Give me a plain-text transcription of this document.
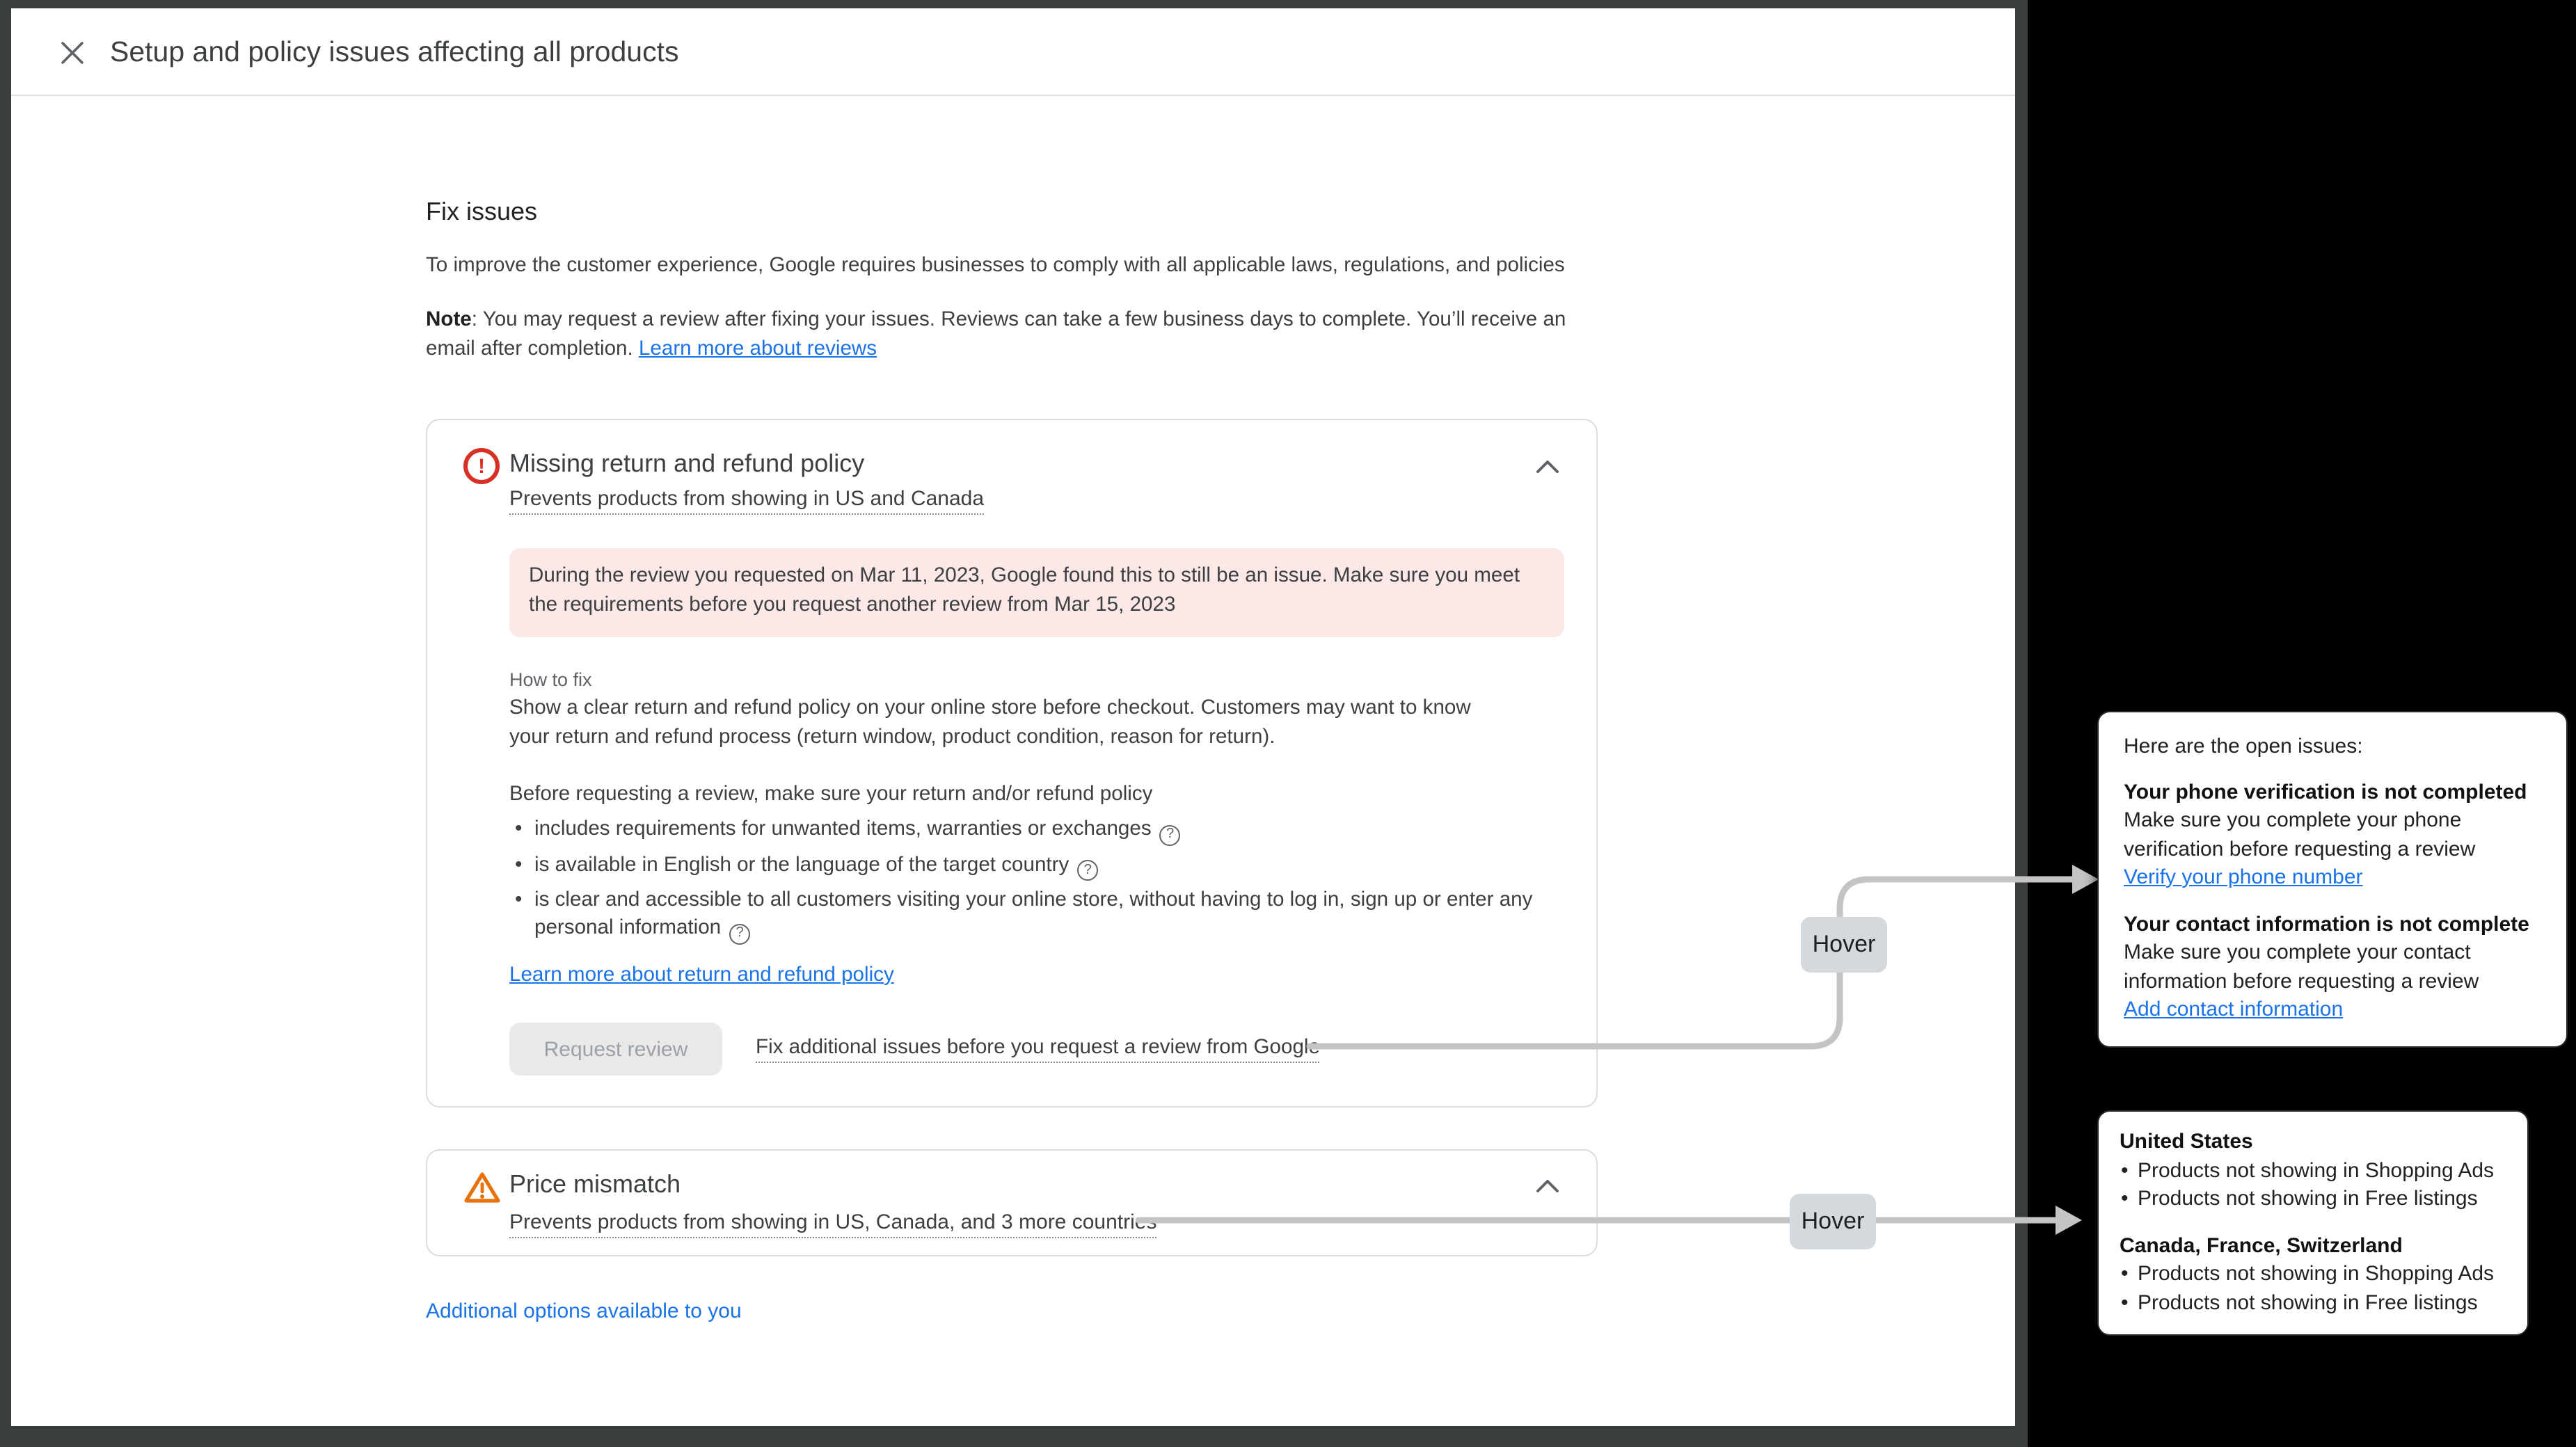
Setup and policy issues affecting all products
Fix issues

To improve the customer experience, Google requires businesses to comply with all applicable laws, regulations, and policies

Note: You may request a review after fixing your issues. Reviews can take a few business days to complete. You’ll receive an email after completion. Learn more about reviews

!
Missing return and refund policy
Prevents products from showing in US and Canada

During the review you requested on Mar 11, 2023, Google found this to still be an issue. Make sure you meet the requirements before you request another review from Mar 15, 2023

How to fix

Show a clear return and refund policy on your online store before checkout. Customers may want to know your return and refund process (return window, product condition, reason for return).

Before requesting a review, make sure your return and/or refund policy
• includes requirements for unwanted items, warranties or exchanges?
• is available in English or the language of the target country?
• is clear and accessible to all customers visiting your online store, without having to log in, sign up or enter any personal information?
Learn more about return and refund policy
Request review	Fix additional issues before you request a review from Google
Price mismatch
Prevents products from showing in US, Canada, and 3 more countries
Additional options available to you
Hover
Hover

Here are the open issues:

Your phone verification is not completed

Make sure you complete your phone verification before requesting a review

Verify your phone number
Your contact information is not complete

Make sure you complete your contact information before requesting a review

Add contact information
United States
• Products not showing in Shopping Ads
• Products not showing in Free listings
Canada, France, Switzerland
• Products not showing in Shopping Ads
• Products not showing in Free listings
